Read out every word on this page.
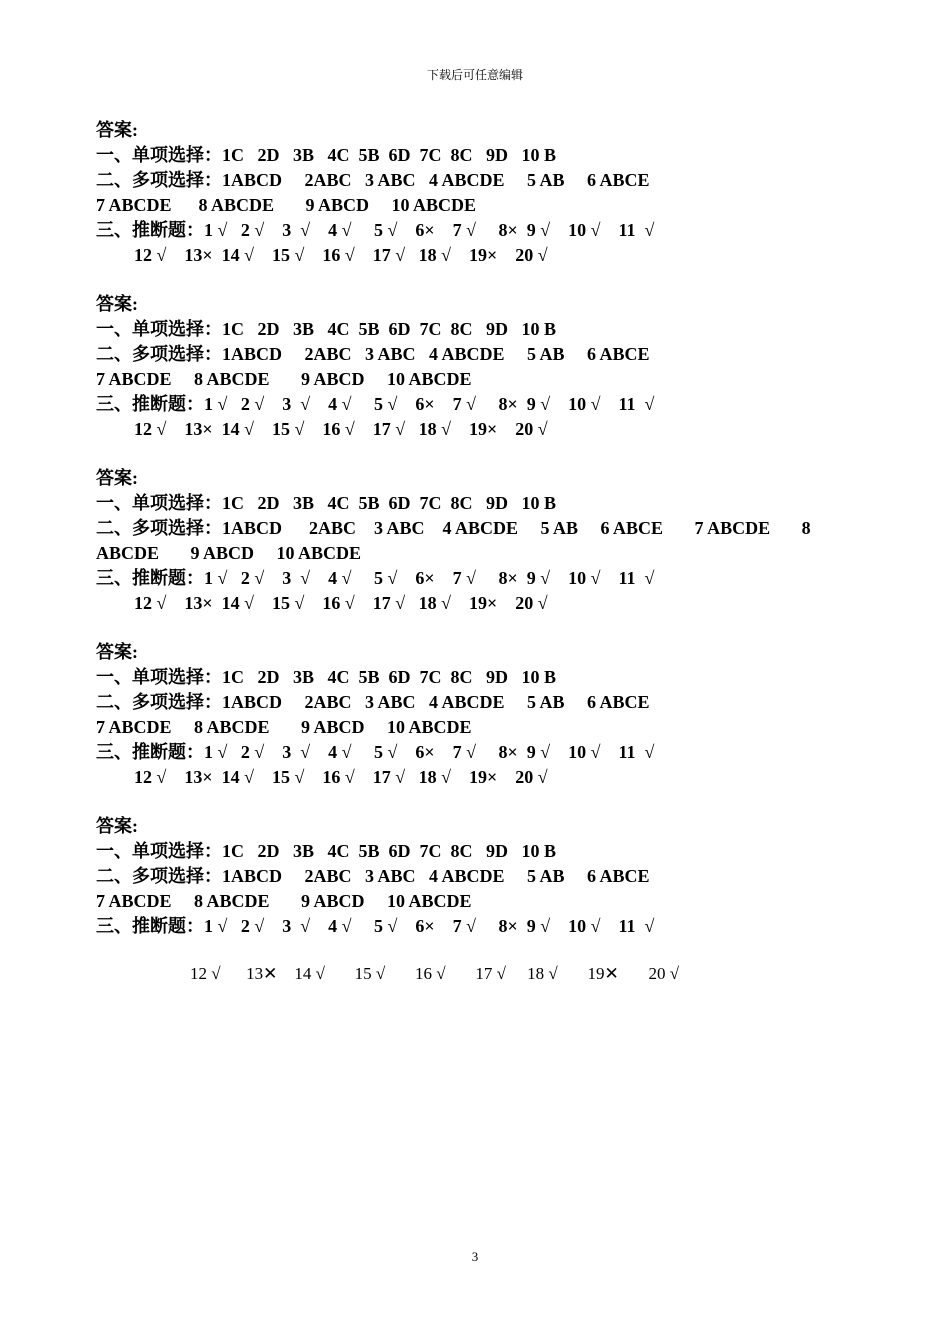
下载后可任意编辑
答案:
一、单项选择：1C   2D   3B   4C  5B  6D  7C  8C   9D   10 B
二、多项选择：1ABCD     2ABC   3 ABC   4 ABCDE     5 AB     6 ABCE
7 ABCDE      8 ABCDE       9 ABCD     10 ABCDE
三、推断题：1 √   2 √    3  √    4 √     5 √    6×    7 √     8×  9 √    10 √    11  √
12 √    13×  14 √    15 √    16 √    17 √   18 √    19×    20 √
答案:
一、单项选择：1C   2D   3B   4C  5B  6D  7C  8C   9D   10 B
二、多项选择：1ABCD     2ABC   3 ABC   4 ABCDE     5 AB     6 ABCE
7 ABCDE     8 ABCDE       9 ABCD     10 ABCDE
三、推断题：1 √   2 √    3  √    4 √     5 √    6×    7 √     8×  9 √    10 √    11  √
12 √    13×  14 √    15 √    16 √    17 √   18 √    19×    20 √
答案:
一、单项选择：1C   2D   3B   4C  5B  6D  7C  8C   9D   10 B
二、多项选择：1ABCD      2ABC    3 ABC    4 ABCDE     5 AB     6 ABCE       7 ABCDE       8
ABCDE       9 ABCD     10 ABCDE
三、推断题：1 √   2 √    3  √    4 √     5 √    6×    7 √     8×  9 √    10 √    11  √
12 √    13×  14 √    15 √    16 √    17 √   18 √    19×    20 √
答案:
一、单项选择：1C   2D   3B   4C  5B  6D  7C  8C   9D   10 B
二、多项选择：1ABCD     2ABC   3 ABC   4 ABCDE     5 AB     6 ABCE
7 ABCDE     8 ABCDE       9 ABCD     10 ABCDE
三、推断题：1 √   2 √    3  √    4 √     5 √    6×    7 √     8×  9 √    10 √    11  √
12 √    13×  14 √    15 √    16 √    17 √   18 √    19×    20 √
答案:
一、单项选择：1C   2D   3B   4C  5B  6D  7C  8C   9D   10 B
二、多项选择：1ABCD     2ABC   3 ABC   4 ABCDE     5 AB     6 ABCE
7 ABCDE     8 ABCDE       9 ABCD     10 ABCDE
三、推断题：1 √   2 √    3  √    4 √     5 √    6×    7 √     8×  9 √    10 √    11  √
12 √      13✕    14 √       15 √       16 √       17 √     18 √       19✕       20 √
3
